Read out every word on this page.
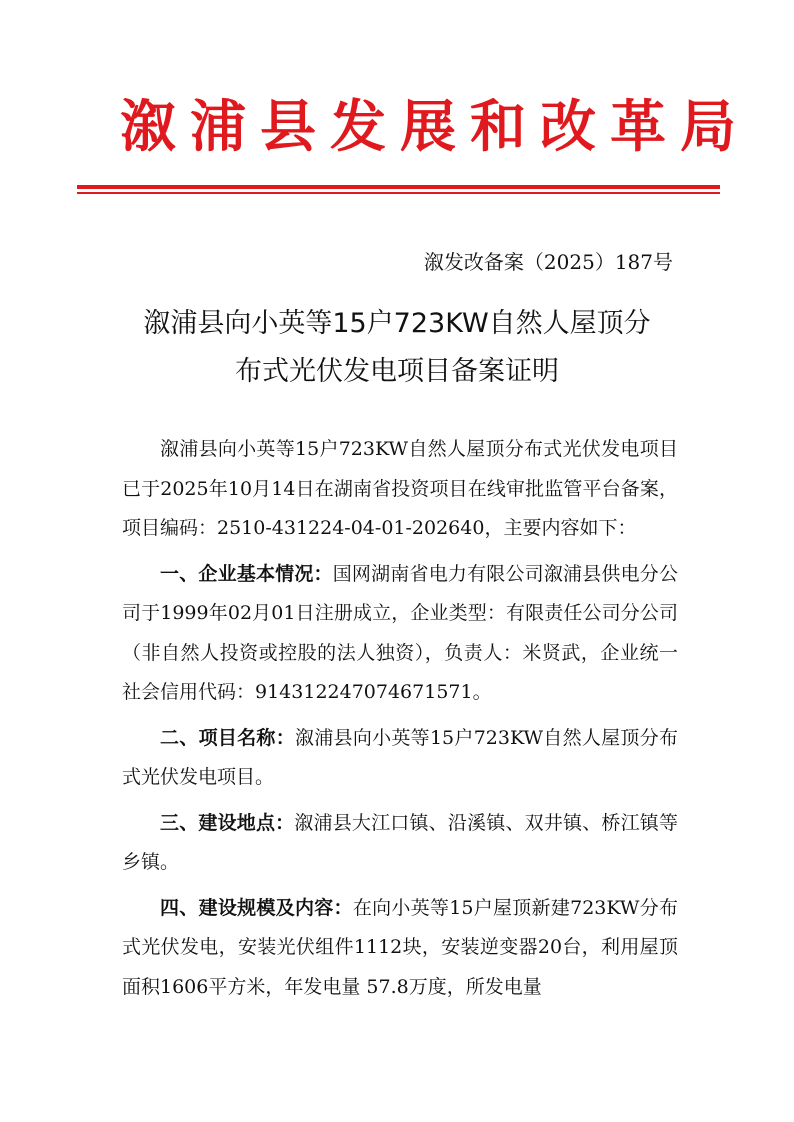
溆浦县发展和改革局
溆发改备案（2025）187号
溆浦县向小英等15户723KW自然人屋顶分
布式光伏发电项目备案证明

溆浦县向小英等15户723KW自然人屋顶分布式光伏发电项目已于2025年10月14日在湖南省投资项目在线审批监管平台备案，项目编码：2510-431224-04-01-202640，主要内容如下：

一、企业基本情况：国网湖南省电力有限公司溆浦县供电分公司于1999年02月01日注册成立，企业类型：有限责任公司分公司（非自然人投资或控股的法人独资），负责人：米贤武，企业统一社会信用代码：914312247074671571。

二、项目名称：溆浦县向小英等15户723KW自然人屋顶分布式光伏发电项目。

三、建设地点：溆浦县大江口镇、沿溪镇、双井镇、桥江镇等乡镇。

四、建设规模及内容：在向小英等15户屋顶新建723KW分布式光伏发电，安装光伏组件1112块，安装逆变器20台，利用屋顶面积1606平方米，年发电量 57.8万度，所发电量
